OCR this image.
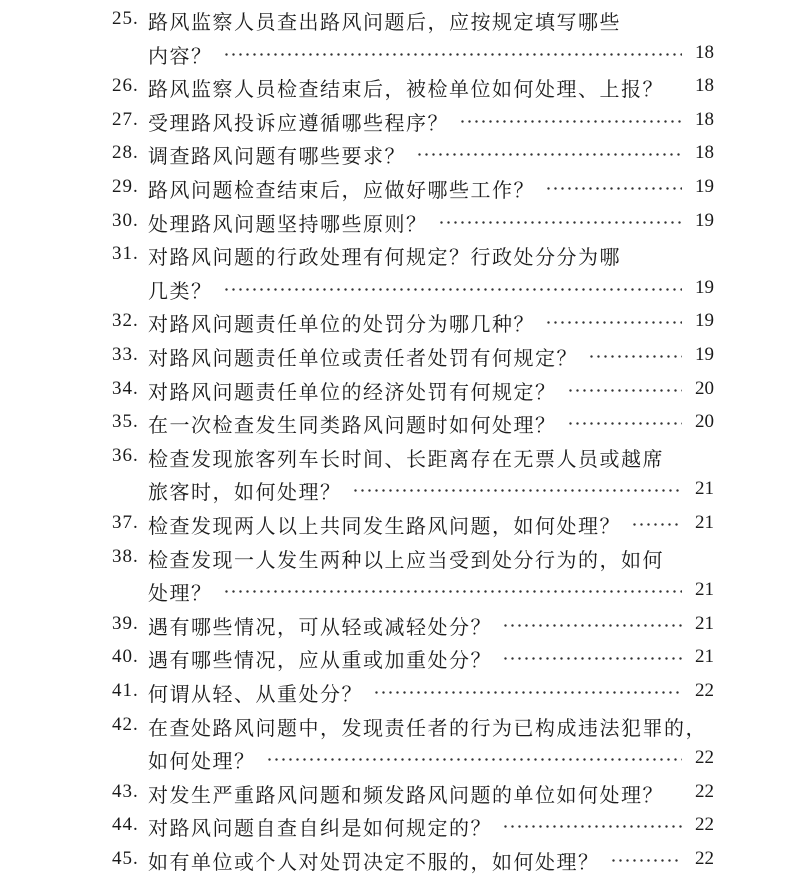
25. 路风监察人员查出路风问题后，应按规定填写哪些
内容？	18
26. 路风监察人员检查结束后，被检单位如何处理、上报？ 18
27. 受理路风投诉应遵循哪些程序？	18
28. 调查路风问题有哪些要求？	18
29. 路风问题检查结束后，应做好哪些工作？	19
30. 处理路风问题坚持哪些原则？	19
31. 对路风问题的行政处理有何规定？行政处分分为哪
几类？	19
32. 对路风问题责任单位的处罚分为哪几种？	19
33. 对路风问题责任单位或责任者处罚有何规定？	19
34. 对路风问题责任单位的经济处罚有何规定？	20
35. 在一次检查发生同类路风问题时如何处理？	20
36. 检查发现旅客列车长时间、长距离存在无票人员或越席
旅客时，如何处理？	21
37. 检查发现两人以上共同发生路风问题，如何处理？	21
38. 检查发现一人发生两种以上应当受到处分行为的，如何
处理？	21
39. 遇有哪些情况，可从轻或减轻处分？	21
40. 遇有哪些情况，应从重或加重处分？	21
41. 何谓从轻、从重处分？	22
42. 在查处路风问题中，发现责任者的行为已构成违法犯罪的，
如何处理？	22
43. 对发生严重路风问题和频发路风问题的单位如何处理？ 22
44. 对路风问题自查自纠是如何规定的？	22
45. 如有单位或个人对处罚决定不服的，如何处理？	22
